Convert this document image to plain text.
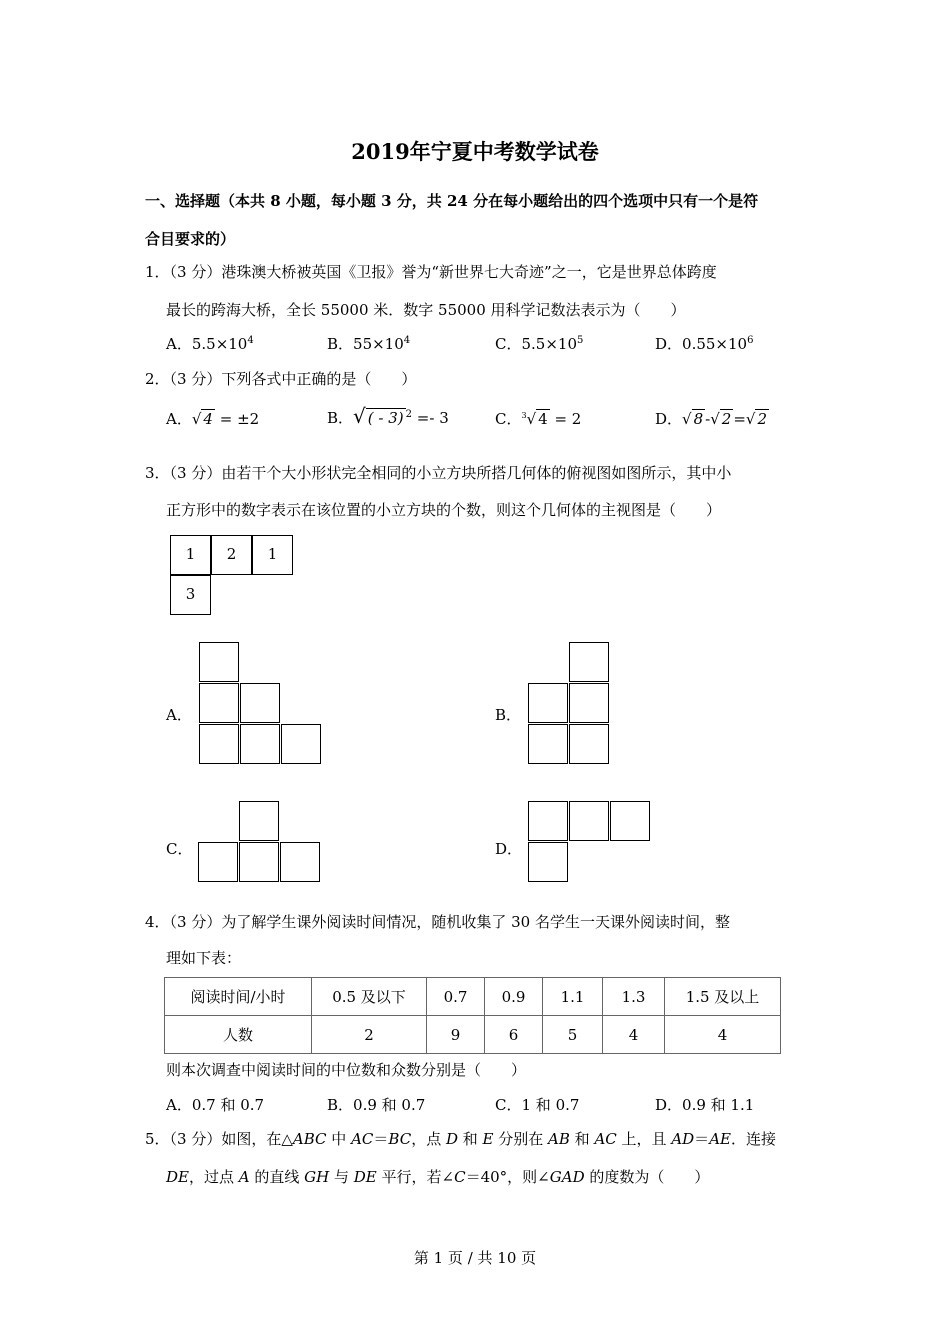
2019年宁夏中考数学试卷
一、选择题（本共 8 小题，每小题 3 分，共 24 分在每小题给出的四个选项中只有一个是符
合目要求的）
1．（3 分）港珠澳大桥被英国《卫报》誉为“新世界七大奇迹”之一，它是世界总体跨度
最长的跨海大桥，全长 55000 米．数字 55000 用科学记数法表示为（　　）
A．$5.5\times 10^4$	B．$55\times 10^4$	C．$5.5\times 10^5$	D．$0.55\times 10^6$
2．（3 分）下列各式中正确的是（　　）
A．√ 4 = ±2	B．√ ( - 3) $^2$ =- 3	C．$^3$√ 4 = 2	D．√ 8 -√ 2 =√ 2
3．（3 分）由若干个大小形状完全相同的小立方块所搭几何体的俯视图如图所示，其中小
正方形中的数字表示在该位置的小立方块的个数，则这个几何体的主视图是（　　）
1	2	1
3
A．	B．
C．	D．
4．（3 分）为了解学生课外阅读时间情况，随机收集了 30 名学生一天课外阅读时间，整
理如下表：
阅读时间/小时	0.5 及以下	0.7	0.9	1.1	1.3	1.5 及以上
人数	2	9	6	5	4	4
则本次调查中阅读时间的中位数和众数分别是（　　）
A．0.7 和 0.7	B．0.9 和 0.7	C．1 和 0.7	D．0.9 和 1.1
5．（3 分）如图，在△ABC 中 AC＝BC，点 D 和 E 分别在 AB 和 AC 上，且 AD＝AE．连接
DE，过点 A 的直线 GH 与 DE 平行，若∠C＝40°，则∠GAD 的度数为（　　）
第 1 页 / 共 10 页
